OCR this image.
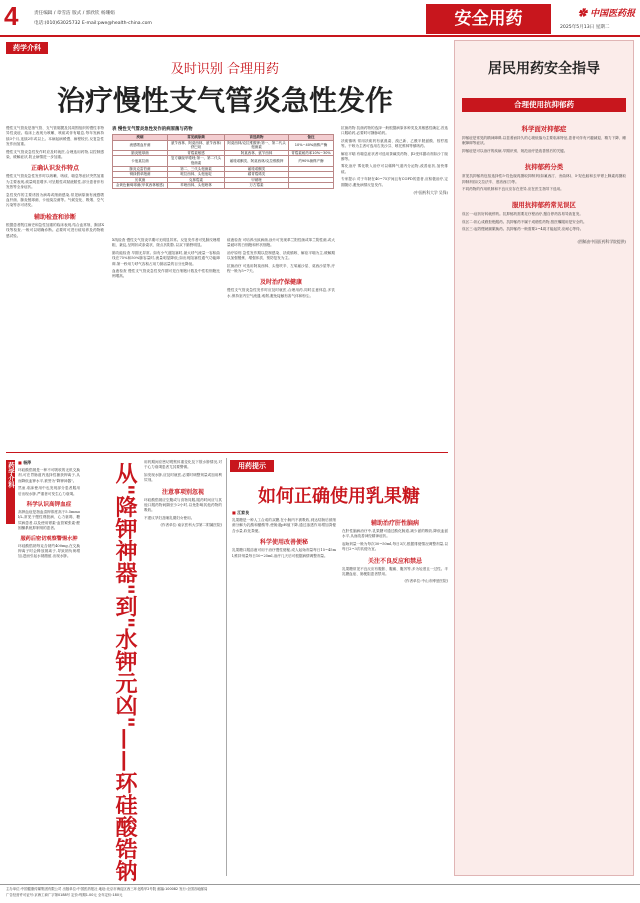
4	责任编辑 / 章雪洁 版式 / 郭欣钦 杨珊娟
电话:(010)63025732 E-mail:pwe@health-china.com	安全用药	✿ 中国医药报
2025年5月13日 星期二
药学介科
及时识别 合理用药
治疗慢性支气管炎急性发作

慢性支气管炎是指气管、支气管黏膜及其周围组织的慢性非特异性炎症。临床上表现为咳嗽、咳痰或伴有喘息,每年发病持续3个月,连续2年或以上。本病起病缓慢、病程较长,反复急性发作而加重。

慢性支气管炎急性发作时应及时就医,合理选用药物,以控制感染、缓解症状,防止病情进一步加重。

正确认识发作特点

慢性支气管炎急性发作时以咳嗽、咳痰、喘息等症状突然加重为主要表现,痰量明显增多,可呈脓性或黏液脓性,部分患者伴有发热等全身症状。

急性发作的主要诱因为病毒或细菌感染,常见病原菌有流感嗜血杆菌、肺炎链球菌、卡他莫拉菌等。气候变化、吸烟、空气污染等亦可诱发。

辅助检查和诊断

根据患者既往病史和急性加重的临床表现,结合血常规、胸部X线等检查,一般可以明确诊断。必要时可进行痰培养及药物敏感试验。

表 慢性支气管炎急性发作的病原菌与药物
疾病	常见病原菌	首选药物	备注
流感嗜血杆菌	氨苄西林、阿莫西林、氨苄西林/舒巴坦	阿莫西林/克拉维酸钾;第一、第二代头孢菌素	10%~40%菌株产酶
肺炎链球菌	青霉素敏感	阿莫西林、氨苄西林	青霉素耐药率10%~30%
卡他莫拉菌	复方磺胺甲噁唑;第一、第二代头孢菌素	氟喹诺酮类、阿莫西林/克拉维酸钾	约90%菌株产酶
肺炎克雷伯菌	第二、三代头孢菌素	氟喹诺酮类	
铜绿假单胞菌	哌拉西林、头孢他啶	碳青霉烯类	
厌氧菌	克林霉素	甲硝唑	
金黄色葡萄球菌(甲氧西林敏感)	苯唑西林、头孢唑林	万古霉素	

X线检查 慢性支气管炎早期可无明显异常。反复发作者可见肺纹理增粗、紊乱,呈网状或条索状、斑点状阴影,以双下肺野明显。

肺功能检查 早期无异常。如有小气道阻塞时,最大呼气流量一容积曲线在75%和50%肺容量时,流量明显降低;如出现阻塞性通气功能障碍,第一秒用力呼气容积占用力肺活量的百分比降低。

血液检查 慢性支气管炎急性发作期可见白细胞计数及中性粒细胞比例增高。

痰液检查 可培养出致病菌,涂片可发现革兰阳性菌或革兰阴性菌,或大量破坏的白细胞和杯状细胞。

治疗原则 急性发作期以控制感染、祛痰镇咳、解痉平喘为主,缓解期以加强锻炼、增强体质、预防复发为主。

抗菌治疗 可选用阿莫西林、头孢呋辛、左氧氟沙星、莫西沙星等,疗程一般为5~7天。

及时治疗保健康

慢性支气管炎急性发作时应及时就医,合理用药,同时注意休息,多饮水,保持室内空气流通,戒烟,避免接触有害气体和粉尘。

抗菌药物 抗菌药物的选择一般根据病原体种类及其敏感性确定,首选口服给药,必要时可静脉给药。

祛痰镇咳 常用祛痰药有氨溴索、溴己新、乙酰半胱氨酸、桉柠蒎等。干咳为主者可选用右美沙芬、喷托维林等镇咳药。

解痉平喘 有喘息症状者可选用茶碱类药物、β2受体激动剂如沙丁胺醇等。

雾化治疗 雾化吸入治疗可以稀释气道内分泌物,改善症状,加快排痰。

专家提示 对于年龄在40~75岁间且有COPD的患者,应积极治疗,定期随访,避免病情反复发作。

(中国药科大学 吴锋)
药学介科 ■ 杨萍

环硅酸锆钠是一种不可吸收的无机交换剂,可在胃肠道内选择性捕获钾离子,从而降低血钾水平,被誉为"降钾神器"。

然而,临床使用中也发现部分患者服用后出现水肿,严重者可发生心力衰竭。

科学认识高钾血症

高钾血症是指血清钾浓度高于5.5mmol/L,常见于慢性肾脏病、心力衰竭、糖尿病患者,以及使用肾素-血管紧张素-醛固酮系统抑制剂的患者。

服药后密切观察警惕水肿

环硅酸锆钠每克含钠约400mg,在交换钾离子时会释放钠离子,导致钠负荷增加,进而引起水钠潴留,出现水肿。	从"降钾神器"到"水钾元凶"——环硅酸锆钠 用药期间应密切观察体重变化及下肢水肿情况,对于心力衰竭患者尤其要警惕。

如发现水肿,应及时就医,必要时调整剂量或加用利尿剂。

注意事项别忽视

环硅酸锆钠应空腹或与食物同服,服药时间应与其他口服药物间隔至少2小时,以免影响其他药物的吸收。

不建议孕妇及哺乳期妇女使用。

(作者单位:南京医科大学第二附属医院)
用药提示
如何正确使用乳果糖
■ 江家良

乳果糖是一种人工合成的双糖,在小肠内不被吸收,到达结肠后被细菌分解为乳酸和醋酸等,使肠道pH值下降,通过渗透作用增加粪便含水量,软化粪便。

科学使用改善便秘

乳果糖口服溶液可用于治疗慢性便秘,成人起始剂量每日15~45ml,维持剂量每日10~25ml,治疗几天后可根据病情调整剂量。

辅助治疗肝性脑病

在肝性脑病治疗中,乳果糖可通过酸化肠道,减少氨的吸收,降低血氨水平,从而改善神经精神症状。

起始剂量一般为每次30~50ml,每日3次,根据排便情况调整剂量,以每日2~3次软便为宜。

关注不良反应和禁忌

乳果糖常见不良反应有腹胀、腹痛、腹泻等,多为轻度且一过性。半乳糖血症、肠梗阻患者禁用。

(作者单位:中山市博爱医院)
居民用药安全指导
合理使用抗抑郁药
科学面对抑郁症

抑郁症是常见的精神障碍,以显著而持久的心境低落为主要临床特征,患者可伴有兴趣减退、精力下降、睡眠障碍等症状。

抑郁症是可以治疗的疾病,早期识别、规范治疗是改善预后的关键。

抗抑郁药分类

常见抗抑郁药包括选择性5-羟色胺再摄取抑制剂(如氟西汀、舍曲林)、5-羟色胺和去甲肾上腺素再摄取抑制剂(如文拉法辛、度洛西汀)等。

不同药物的作用机制和不良反应存在差异,应在医生指导下选用。

服用抗抑郁药常见误区

误区一:症状好转就停药。抗抑郁药需要足疗程治疗,擅自停药容易导致复发。

误区二:担心成瘾拒绝服药。抗抑郁药不属于成瘾性药物,按医嘱服用是安全的。

误区三:起效慢就频繁换药。抗抑郁药一般需要2~4周才能起效,应耐心等待。

(图稿由中国医药科学院提供)
主办单位:中国健康传媒集团有限公司 出版单位:中国医药报社 地址:北京市海淀区西三环北路甲2号院 邮编:100082 发行:全国各地邮局
广告经营许可证号:京海工商广字第0188号 定价:每期1.00元 全年定价:180元
